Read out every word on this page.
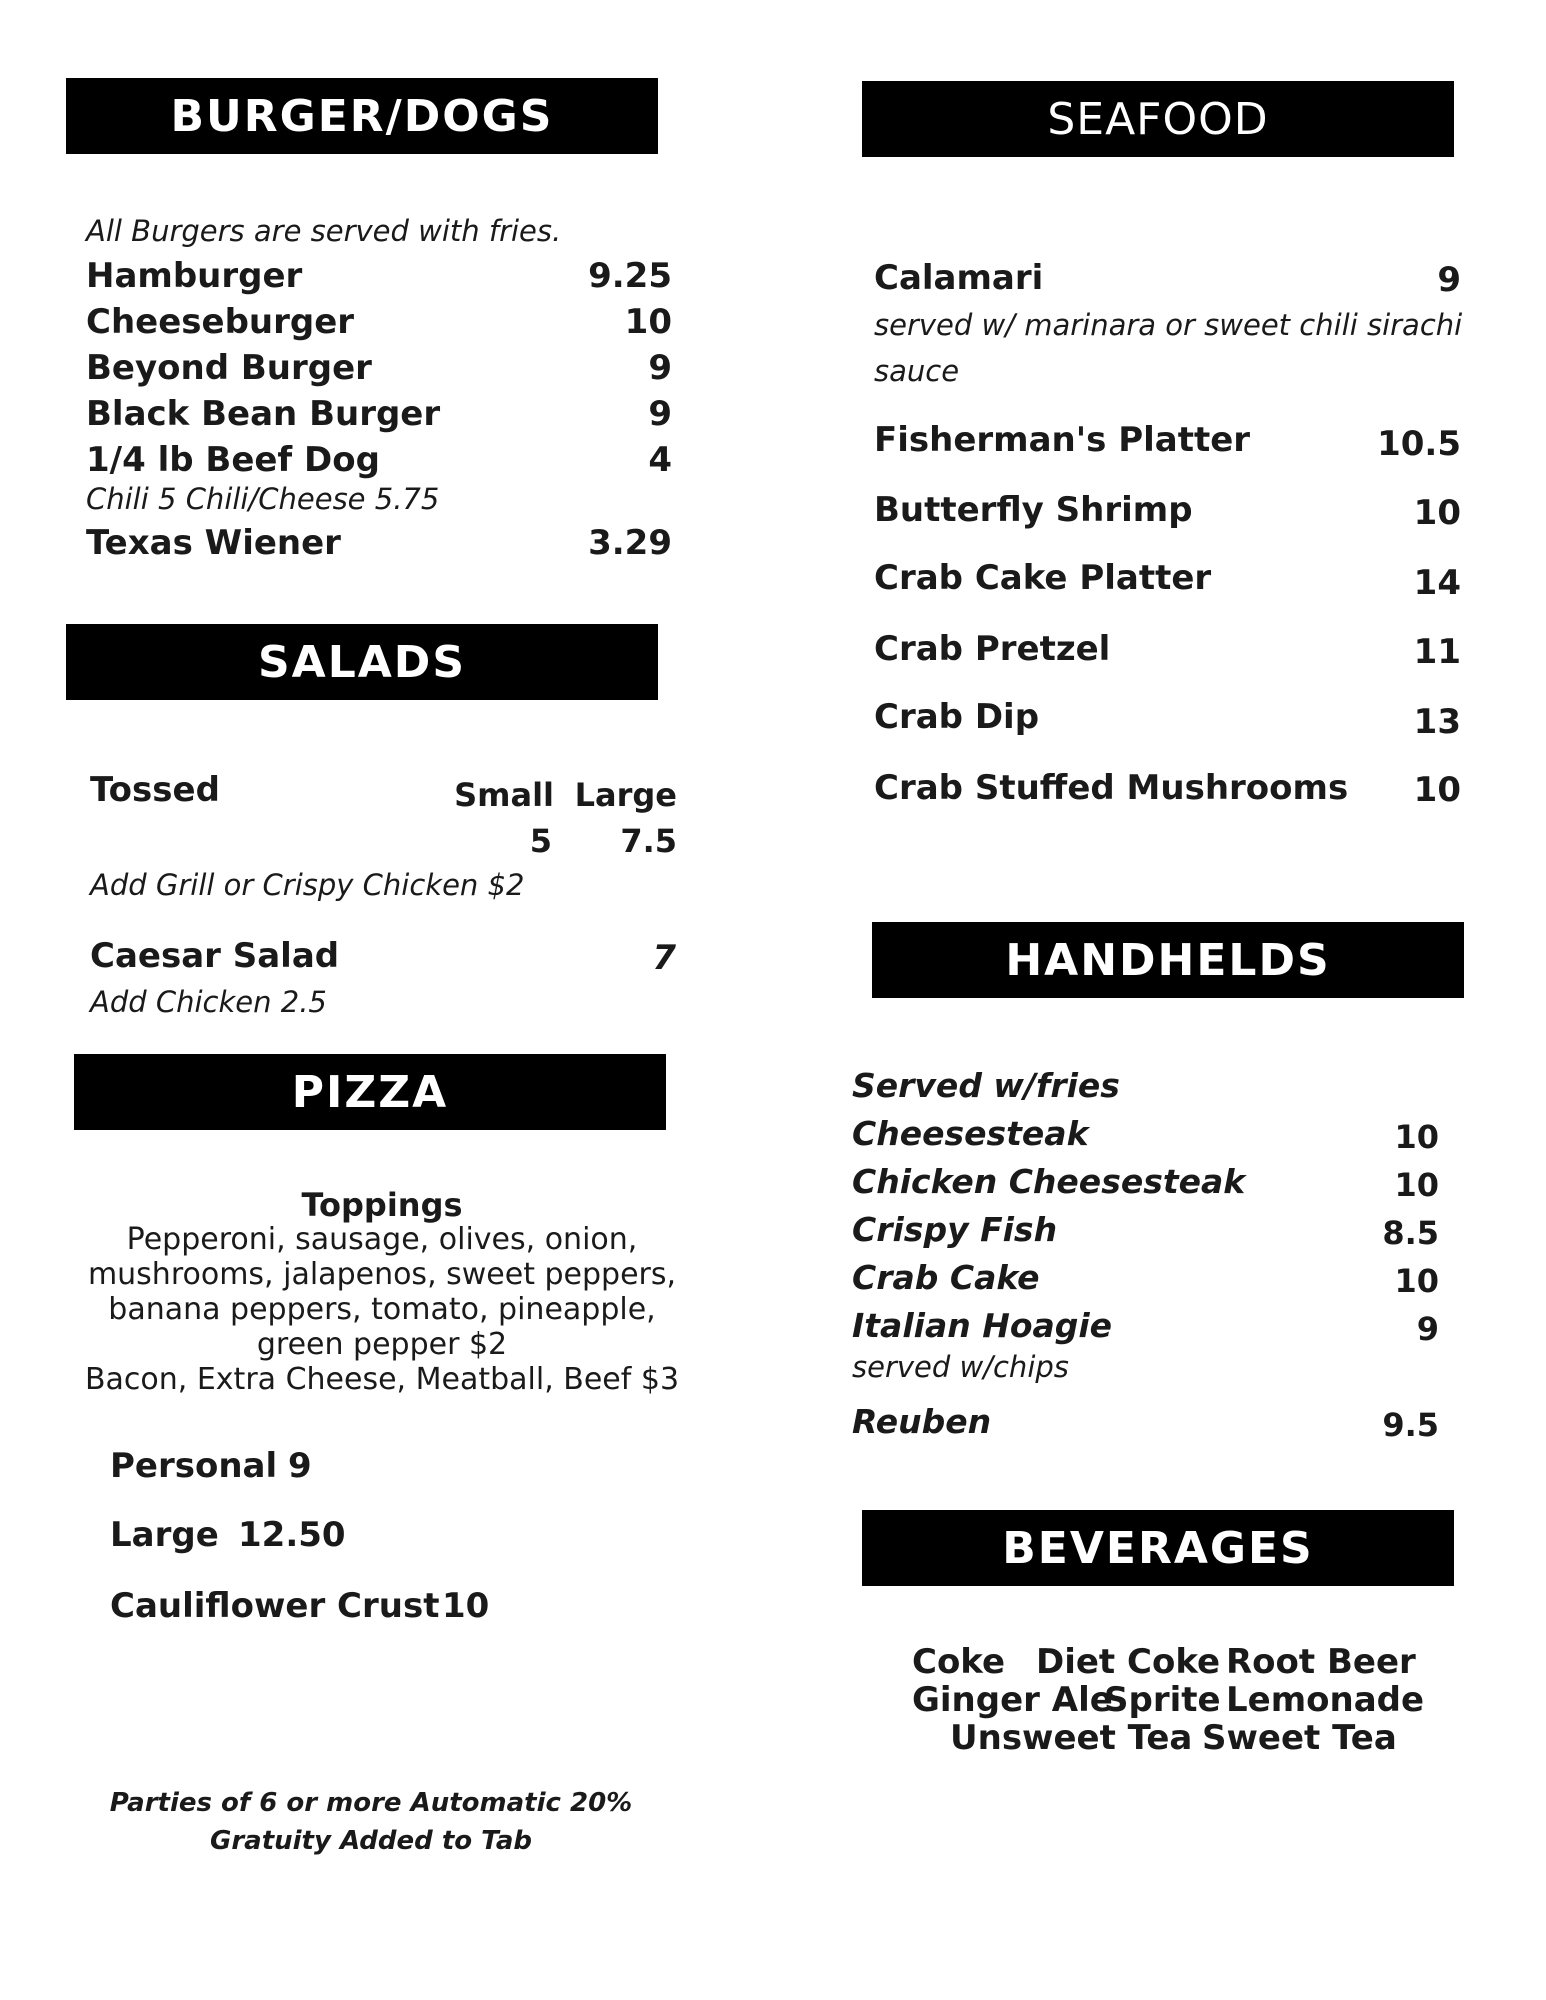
BURGER/DOGS
All Burgers are served with fries.
Hamburger	9.25
Cheeseburger	10
Beyond Burger	9
Black Bean Burger	9
1/4 lb Beef Dog	4
Chili 5 Chili/Cheese 5.75
Texas Wiener	3.29
SALADS
Tossed	Small Large
5 7.5
Add Grill or Crispy Chicken $2
Caesar Salad	7
Add Chicken 2.5
PIZZA
Toppings
Pepperoni, sausage, olives, onion,
mushrooms, jalapenos, sweet peppers,
banana peppers, tomato, pineapple,
green pepper $2
Bacon, Extra Cheese, Meatball, Beef $3
Personal 9
Large 12.50
Cauliflower Crust 10
Parties of 6 or more Automatic 20%
Gratuity Added to Tab
SEAFOOD
Calamari	9
served w/ marinara or sweet chili sirachi
sauce
Fisherman's Platter	10.5
Butterfly Shrimp	10
Crab Cake Platter	14
Crab Pretzel	11
Crab Dip	13
Crab Stuffed Mushrooms 10
HANDHELDS
Served w/fries
Cheesesteak	10
Chicken Cheesesteak	10
Crispy Fish	8.5
Crab Cake	10
Italian Hoagie	9
served w/chips
Reuben	9.5
BEVERAGES
Coke Diet Coke Root Beer
Ginger Ale
Sprite Lemonade
Unsweet Tea Sweet Tea
